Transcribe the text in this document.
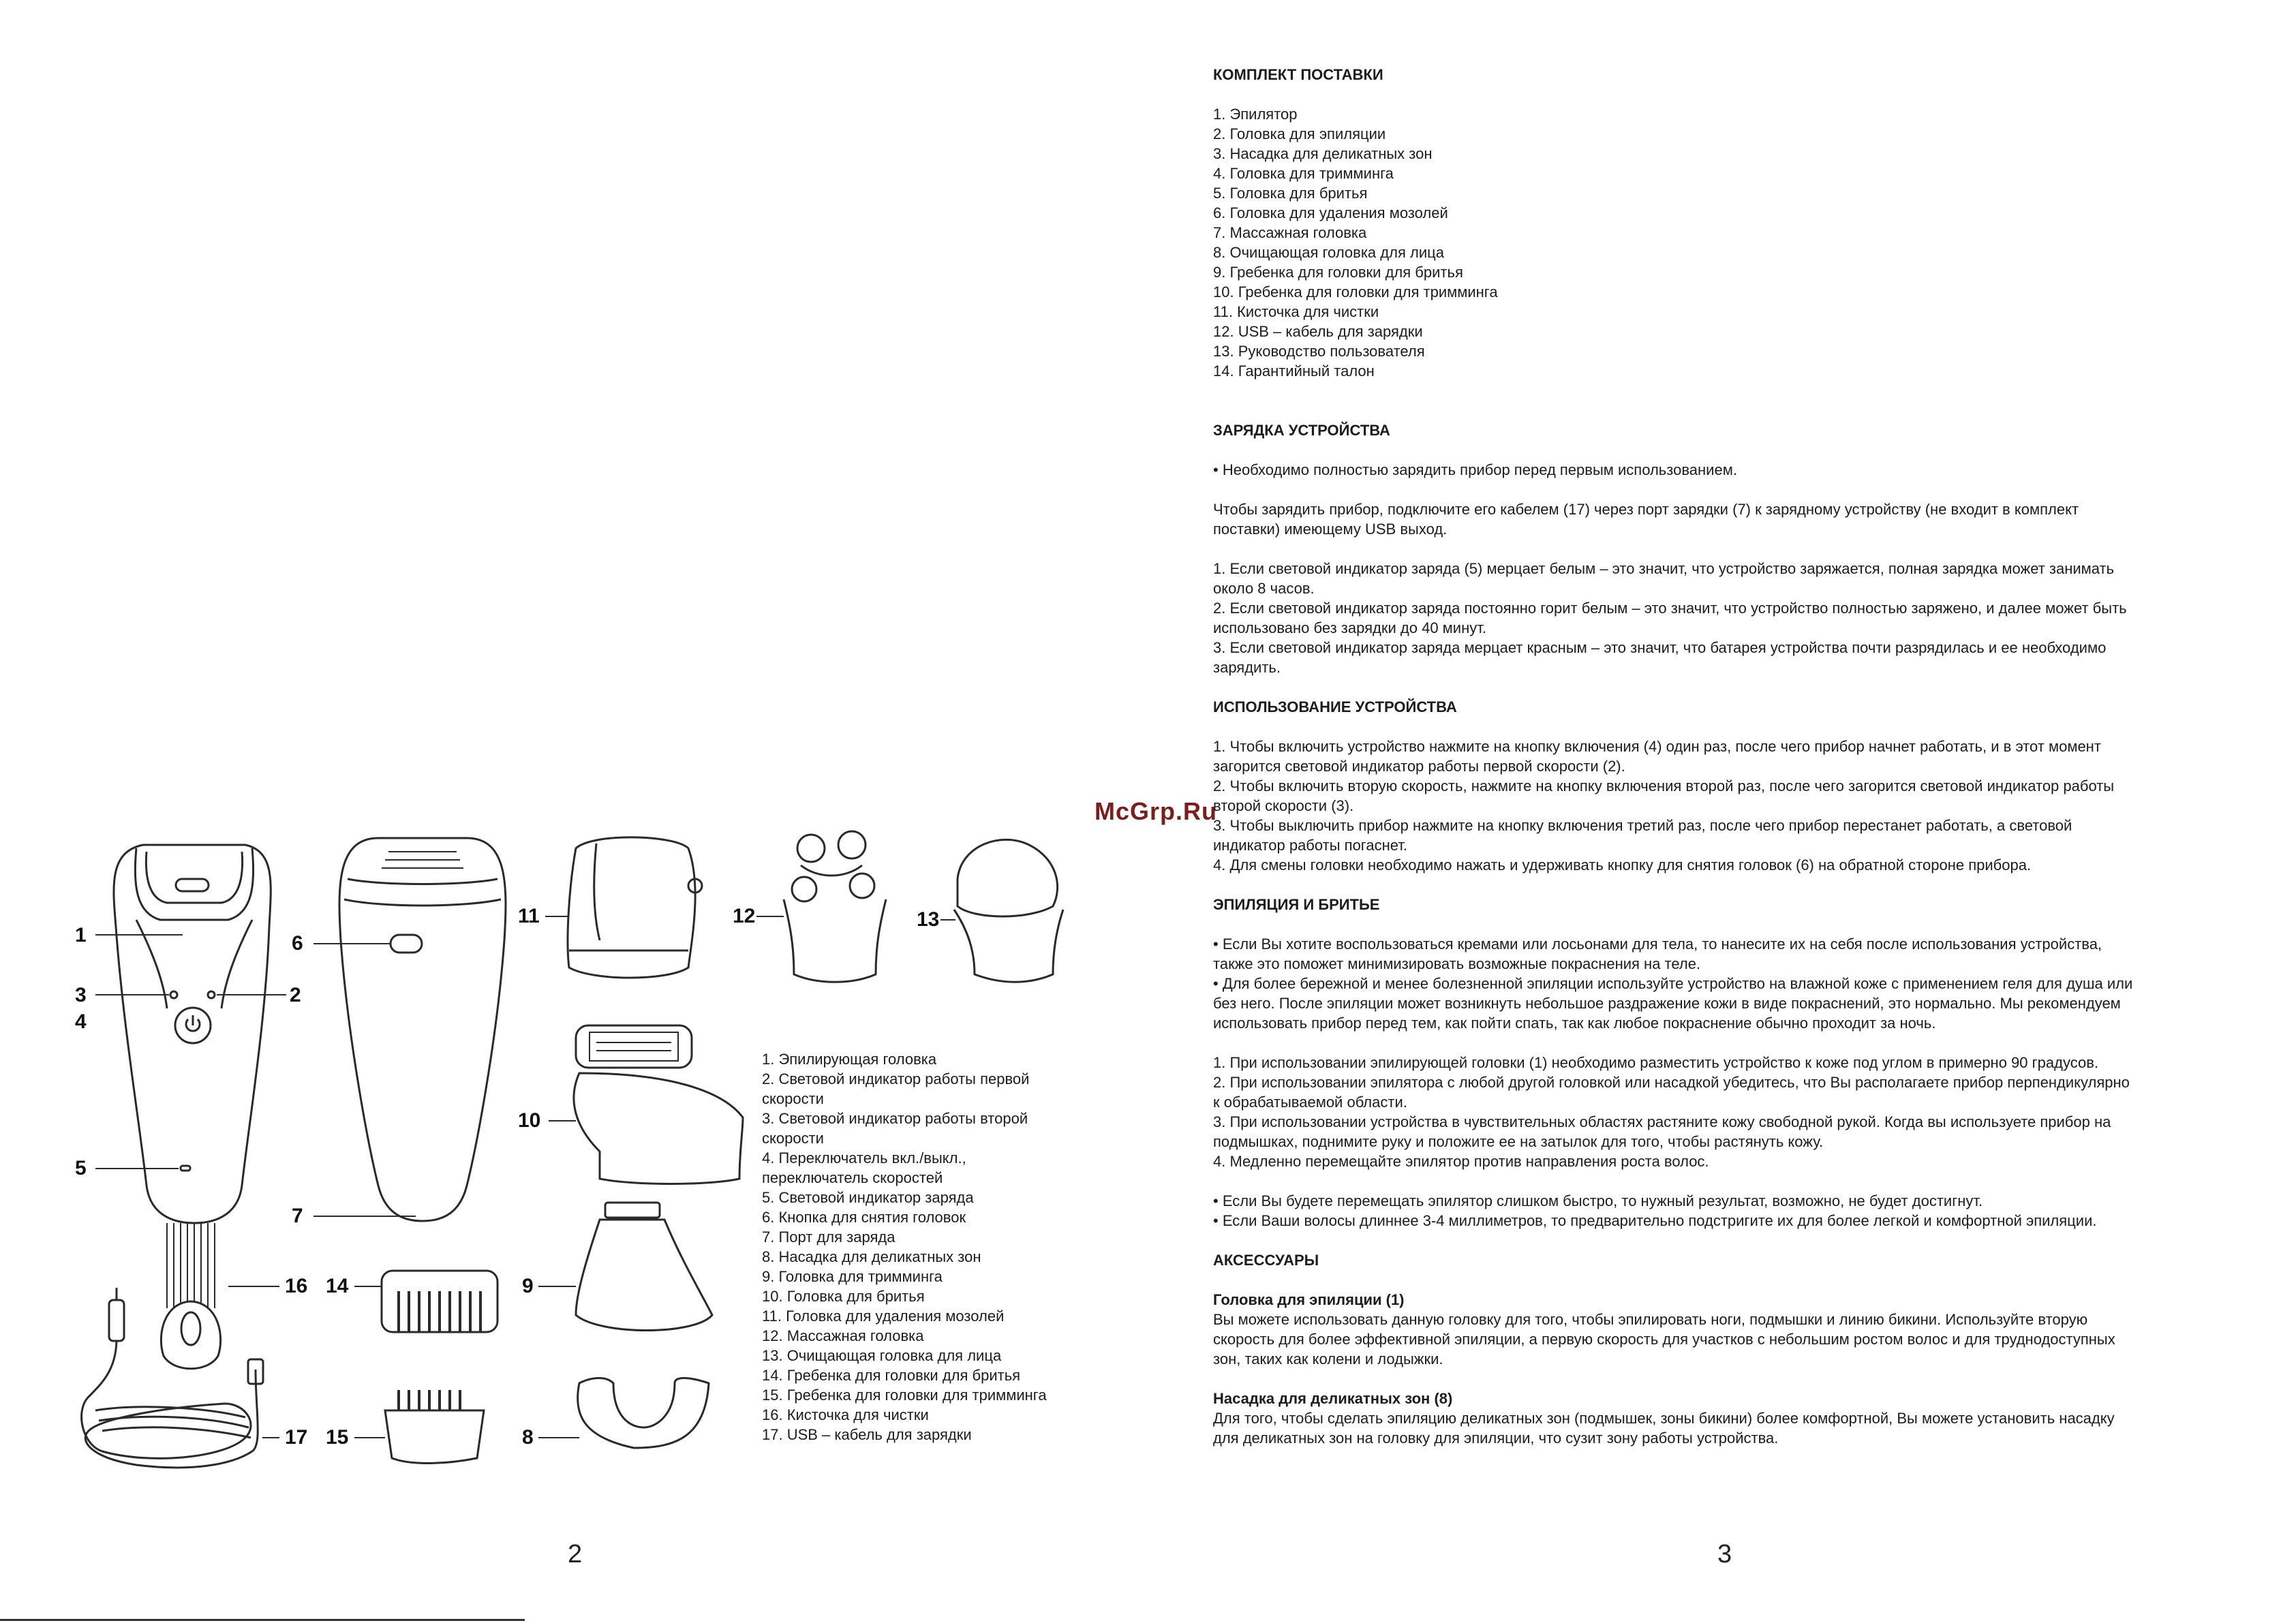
1
2
3
4
5
6
7
8
9
10
11	12	13
14
15
16
17
1. Эпилирующая головка
2. Световой индикатор работы первой
скорости
3. Световой индикатор работы второй
скорости
4. Переключатель вкл./выкл.,
переключатель скоростей
5. Световой индикатор заряда
6. Кнопка для снятия головок
7. Порт для заряда
8. Насадка для деликатных зон
9. Головка для тримминга
10. Головка для бритья
11. Головка для удаления мозолей
12. Массажная головка
13. Очищающая головка для лица
14. Гребенка для головки для бритья
15. Гребенка для головки для тримминга
16. Кисточка для чистки
17. USB – кабель для зарядки
2
McGrp.Ru
КОМПЛЕКТ ПОСТАВКИ
1. Эпилятор
2. Головка для эпиляции
3. Насадка для деликатных зон
4. Головка для тримминга
5. Головка для бритья
6. Головка для удаления мозолей
7. Массажная головка
8. Очищающая головка для лица
9. Гребенка для головки для бритья
10. Гребенка для головки для тримминга
11. Кисточка для чистки
12. USB – кабель для зарядки
13. Руководство пользователя
14. Гарантийный талон
ЗАРЯДКА УСТРОЙСТВА

• Необходимо полностью зарядить прибор перед первым использованием.

Чтобы зарядить прибор, подключите его кабелем (17) через порт зарядки (7) к зарядному устройству (не входит в комплект
поставки) имеющему USB выход.

1. Если световой индикатор заряда (5) мерцает белым – это значит, что устройство заряжается, полная зарядка может занимать
около 8 часов.
2. Если световой индикатор заряда постоянно горит белым – это значит, что устройство полностью заряжено, и далее может быть
использовано без зарядки до 40 минут.
3. Если световой индикатор заряда мерцает красным – это значит, что батарея устройства почти разрядилась и ее необходимо
зарядить.

ИСПОЛЬЗОВАНИЕ УСТРОЙСТВА

1. Чтобы включить устройство нажмите на кнопку включения (4) один раз, после чего прибор начнет работать, и в этот момент
загорится световой индикатор работы первой скорости (2).
2. Чтобы включить вторую скорость, нажмите на кнопку включения второй раз, после чего загорится световой индикатор работы
второй скорости (3).
3. Чтобы выключить прибор нажмите на кнопку включения третий раз, после чего прибор перестанет работать, а световой
индикатор работы погаснет.
4. Для смены головки необходимо нажать и удерживать кнопку для снятия головок (6) на обратной стороне прибора.

ЭПИЛЯЦИЯ И БРИТЬЕ

• Если Вы хотите воспользоваться кремами или лосьонами для тела, то нанесите их на себя после использования устройства,
также это поможет минимизировать возможные покраснения на теле.
• Для более бережной и менее болезненной эпиляции используйте устройство на влажной коже с применением геля для душа или
без него. После эпиляции может возникнуть небольшое раздражение кожи в виде покраснений, это нормально. Мы рекомендуем
использовать прибор перед тем, как пойти спать, так как любое покраснение обычно проходит за ночь.

1. При использовании эпилирующей головки (1) необходимо разместить устройство к коже под углом в примерно 90 градусов.
2. При использовании эпилятора с любой другой головкой или насадкой убедитесь, что Вы располагаете прибор перпендикулярно
к обрабатываемой области.
3. При использовании устройства в чувствительных областях растяните кожу свободной рукой. Когда вы используете прибор на
подмышках, поднимите руку и положите ее на затылок для того, чтобы растянуть кожу.
4. Медленно перемещайте эпилятор против направления роста волос.

• Если Вы будете перемещать эпилятор слишком быстро, то нужный результат, возможно, не будет достигнут.
• Если Ваши волосы длиннее 3-4 миллиметров, то предварительно подстригите их для более легкой и комфортной эпиляции.

АКСЕССУАРЫ
Головка для эпиляции (1)

Вы можете использовать данную головку для того, чтобы эпилировать ноги, подмышки и линию бикини. Используйте вторую
скорость для более эффективной эпиляции, а первую скорость для участков с небольшим ростом волос и для труднодоступных
зон, таких как колени и лодыжки.

Насадка для деликатных зон (8)

Для того, чтобы сделать эпиляцию деликатных зон (подмышек, зоны бикини) более комфортной, Вы можете установить насадку
для деликатных зон на головку для эпиляции, что сузит зону работы устройства.

3
